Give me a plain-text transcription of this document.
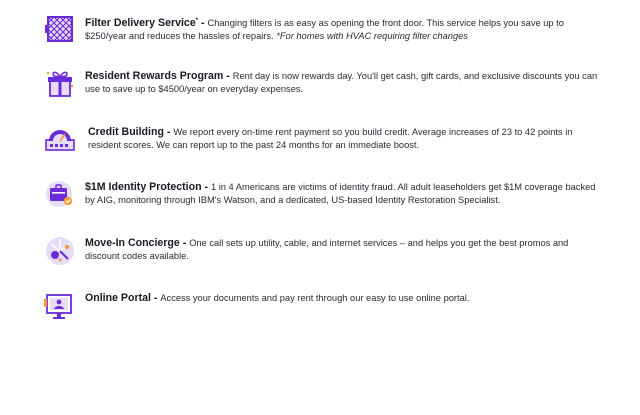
Filter Delivery Service* - Changing filters is as easy as opening the front door. This service helps you save up to $250/year and reduces the hassles of repairs. *For homes with HVAC requiring filter changes
Resident Rewards Program - Rent day is now rewards day. You'll get cash, gift cards, and exclusive discounts you can use to save up to $4500/year on everyday expenses.
Credit Building - We report every on-time rent payment so you build credit. Average increases of 23 to 42 points in resident scores. We can report up to the past 24 months for an immediate boost.
$1M Identity Protection - 1 in 4 Americans are victims of identity fraud. All adult leaseholders get $1M coverage backed by AIG, monitoring through IBM's Watson, and a dedicated, US-based Identity Restoration Specialist.
Move-In Concierge - One call sets up utility, cable, and internet services – and helps you get the best promos and discount codes available.
Online Portal - Access your documents and pay rent through our easy to use online portal.
